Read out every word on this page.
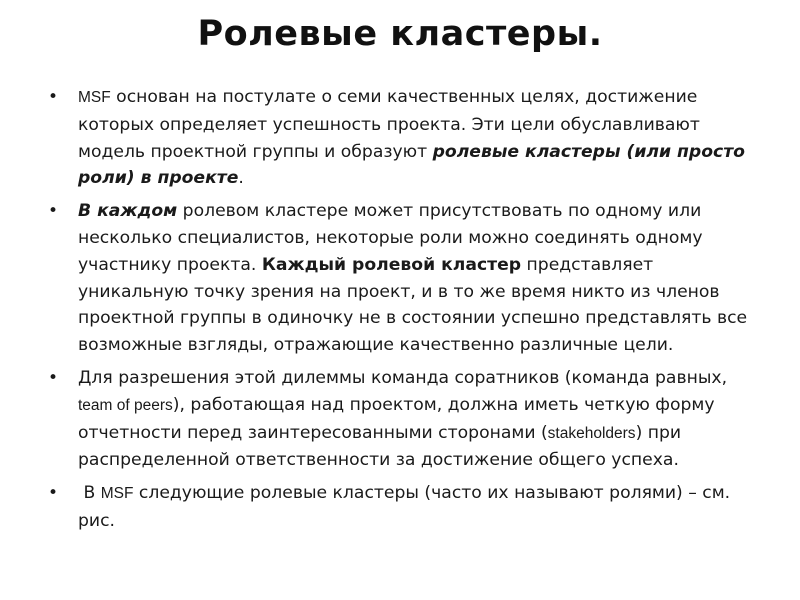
Ролевые кластеры.
• MSF основан на постулате о семи качественных целях, достижение которых определяет успешность проекта. Эти цели обуславливают модель проектной группы и образуют ролевые кластеры (или просто роли) в проекте.
• В каждом ролевом кластере может присутствовать по одному или несколько специалистов, некоторые роли можно соединять одному участнику проекта. Каждый ролевой кластер представляет уникальную точку зрения на проект, и в то же время никто из членов проектной группы в одиночку не в состоянии успешно представлять все возможные взгляды, отражающие качественно различные цели.
• Для разрешения этой дилеммы команда соратников (команда равных, team of peers), работающая над проектом, должна иметь четкую форму отчетности перед заинтересованными сторонами (stakeholders) при распределенной ответственности за достижение общего успеха.
• В MSF следующие ролевые кластеры (часто их называют ролями) – см. рис.
